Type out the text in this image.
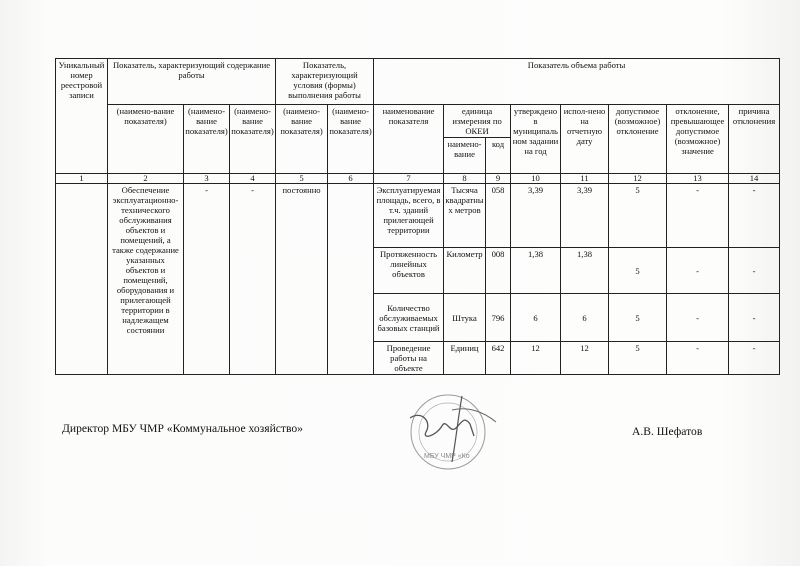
Уникальный номер реестровой записи	Показатель, характеризующий содержание работы			Показатель, характеризующий условия (формы) выполнения работы		Показатель объема работы							
	(наимено-вание показателя)	(наимено-вание показателя)	(наимено-вание показателя)	(наимено-вание показателя)	(наимено-вание показателя)	наименование показателя	единица измерения по ОКЕИ		утверждено в муниципальном задании на год	испол-нено на отчетную дату	допустимое (возможное) отклонение	отклонение, превышающее допустимое (возможное) значение	причина отклонения
							наимено-вание	код					
1	2	3	4	5	6	7	8	9	10	11	12	13	14
	Обеспечение эксплуатационно-технического обслуживания объектов и помещений, а также содержание указанных объектов и помещений, оборудования и прилегающей территории в надлежащем состоянии	-	-	постоянно		Эксплуатируемая площадь, всего, в т.ч. зданий прилегающей территории	Тысяча квадратных метров	058	3,39	3,39	5	-	-
						Протяженность линейных объектов	Километр	008	1,38	1,38	5	-	-
						Количество обслуживаемых базовых станций	Штука	796	6	6	5	-	-
						Проведение работы на объекте	Единиц	642	12	12	5	-	-
Директор МБУ ЧМР «Коммунальное хозяйство»
МБУ ЧМР «Ко
А.В. Шефатов
